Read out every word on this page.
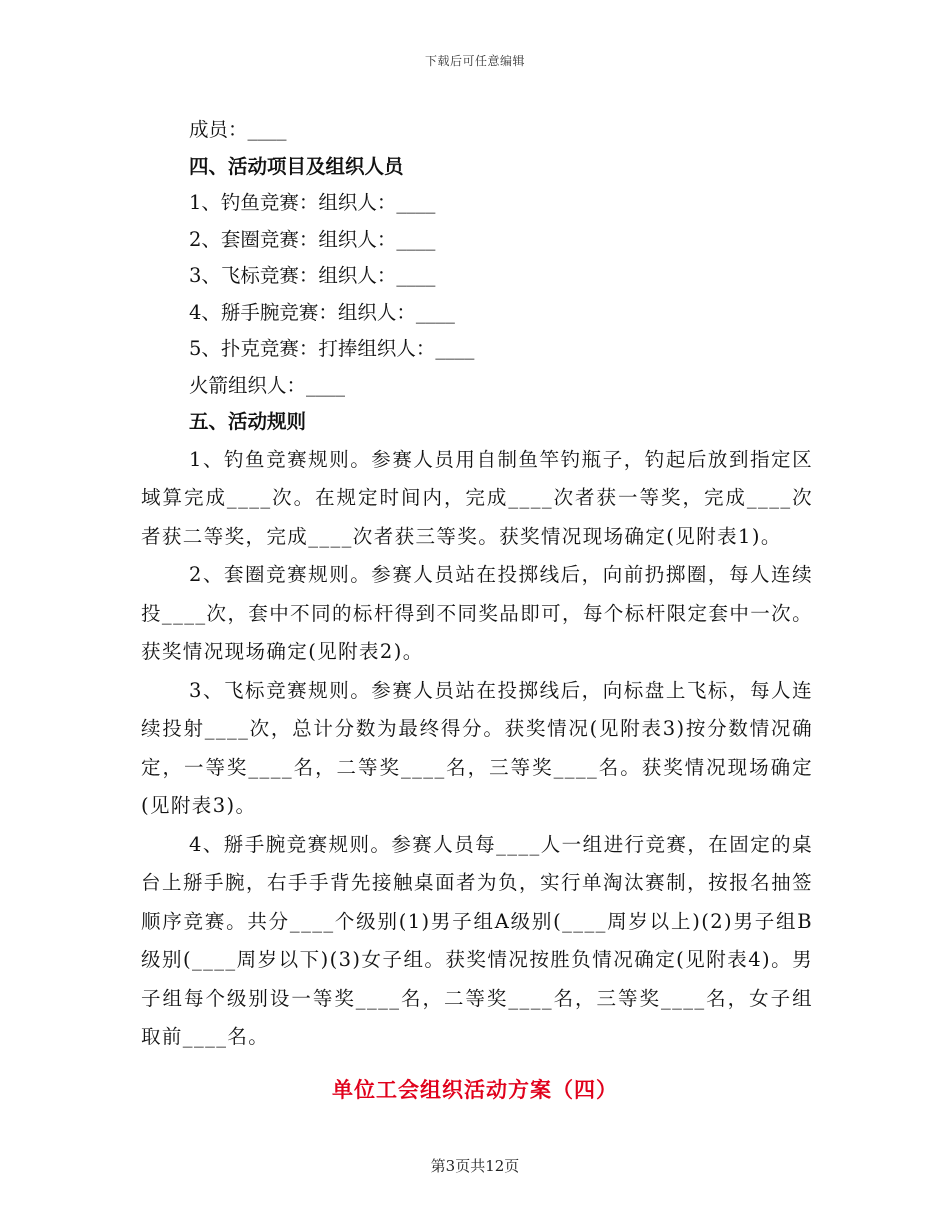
下载后可任意编辑
成员：____
四、活动项目及组织人员
1、钓鱼竞赛：组织人：____
2、套圈竞赛：组织人：____
3、飞标竞赛：组织人：____
4、掰手腕竞赛：组织人：____
5、扑克竞赛：打捧组织人：____
火箭组织人：____
五、活动规则

1、钓鱼竞赛规则。参赛人员用自制鱼竿钓瓶子，钓起后放到指定区域算完成____次。在规定时间内，完成____次者获一等奖，完成____次者获二等奖，完成____次者获三等奖。获奖情况现场确定(见附表1)。

2、套圈竞赛规则。参赛人员站在投掷线后，向前扔掷圈，每人连续投____次，套中不同的标杆得到不同奖品即可，每个标杆限定套中一次。获奖情况现场确定(见附表2)。

3、飞标竞赛规则。参赛人员站在投掷线后，向标盘上飞标，每人连续投射____次，总计分数为最终得分。获奖情况(见附表3)按分数情况确定，一等奖____名，二等奖____名，三等奖____名。获奖情况现场确定(见附表3)。

4、掰手腕竞赛规则。参赛人员每____人一组进行竞赛，在固定的桌台上掰手腕，右手手背先接触桌面者为负，实行单淘汰赛制，按报名抽签顺序竞赛。共分____个级别(1)男子组A级别(____周岁以上)(2)男子组B级别(____周岁以下)(3)女子组。获奖情况按胜负情况确定(见附表4)。男子组每个级别设一等奖____名，二等奖____名，三等奖____名，女子组取前____名。

单位工会组织活动方案（四）
第3页共12页
